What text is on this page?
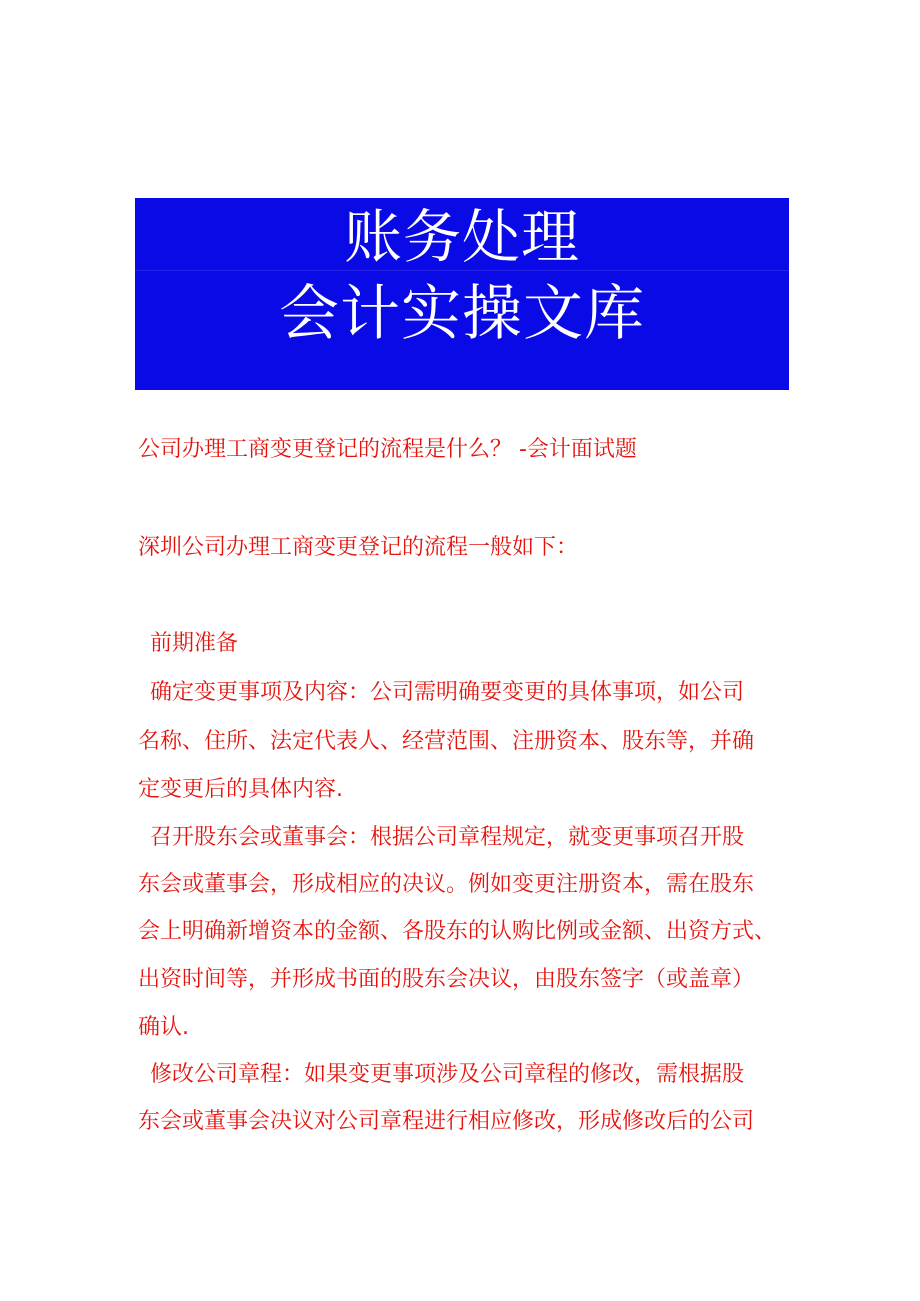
账务处理
会计实操文库
公司办理工商变更登记的流程是什么？ -会计面试题
深圳公司办理工商变更登记的流程一般如下：
前期准备
确定变更事项及内容：公司需明确要变更的具体事项，如公司
名称、住所、法定代表人、经营范围、注册资本、股东等，并确
定变更后的具体内容.
召开股东会或董事会：根据公司章程规定，就变更事项召开股
东会或董事会，形成相应的决议。例如变更注册资本，需在股东
会上明确新增资本的金额、各股东的认购比例或金额、出资方式、
出资时间等，并形成书面的股东会决议，由股东签字（或盖章）
确认.
修改公司章程：如果变更事项涉及公司章程的修改，需根据股
东会或董事会决议对公司章程进行相应修改，形成修改后的公司
